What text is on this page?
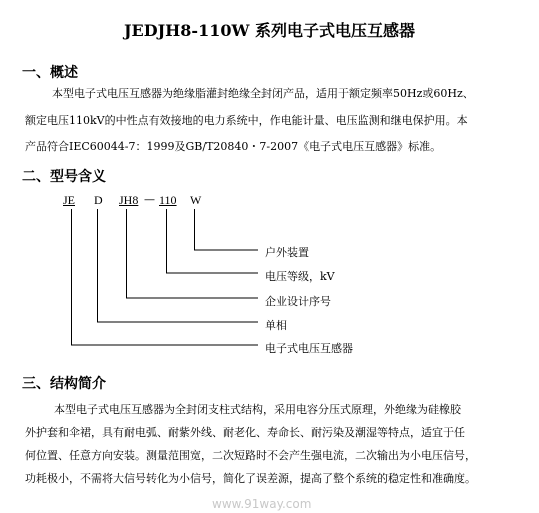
JEDJH8-110W 系列电子式电压互感器
一、概述
本型电子式电压互感器为绝缘脂灌封绝缘全封闭产品，适用于额定频率50Hz或60Hz、
额定电压110kV的中性点有效接地的电力系统中，作电能计量、电压监测和继电保护用。本
产品符合IEC60044-7：1999及GB/T20840・7-2007《电子式电压互感器》标准。
二、型号含义
JE D JH8 — 110 W
户外装置
电压等级，kV
企业设计序号
单相
电子式电压互感器
三、结构简介
本型电子式电压互感器为全封闭支柱式结构，采用电容分压式原理，外绝缘为硅橡胶
外护套和伞裙，具有耐电弧、耐紫外线、耐老化、寿命长、耐污染及潮湿等特点，适宜于任
何位置、任意方向安装。测量范围宽，二次短路时不会产生强电流，二次输出为小电压信号，
功耗极小，不需将大信号转化为小信号，简化了误差源，提高了整个系统的稳定性和准确度。
www.91way.com
